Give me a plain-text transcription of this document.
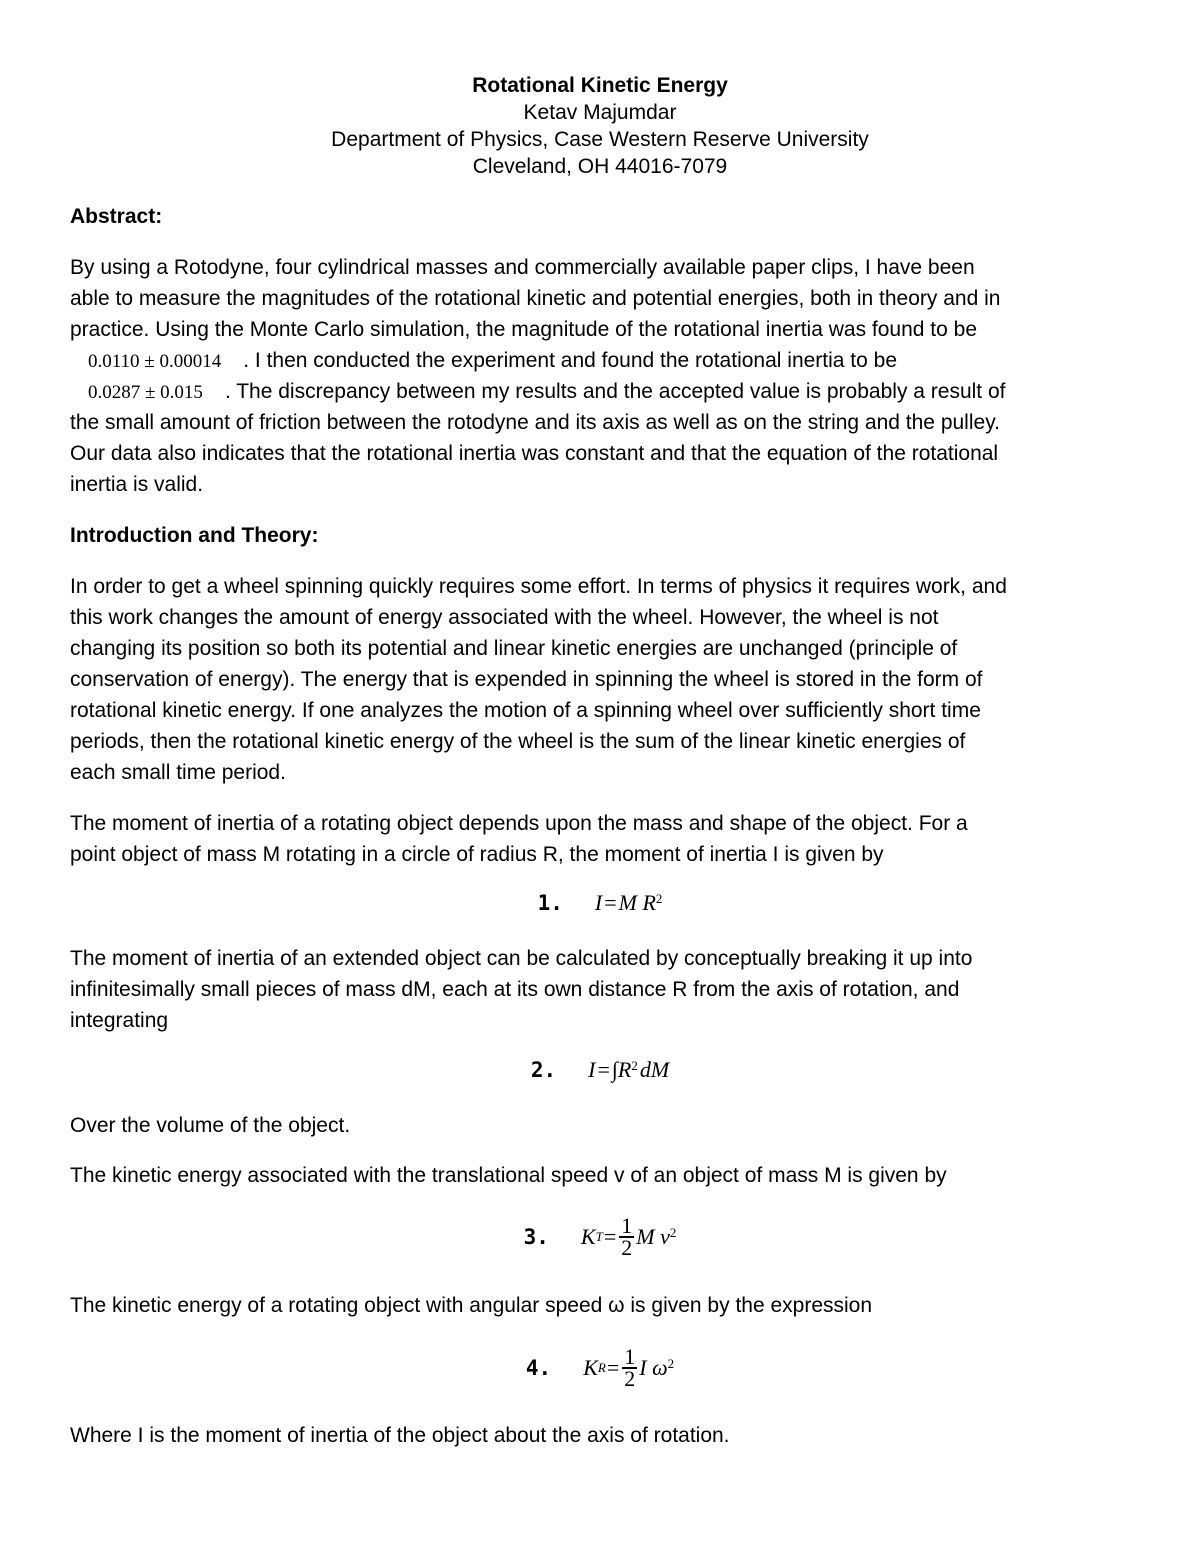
Rotational Kinetic Energy
Ketav Majumdar
Department of Physics, Case Western Reserve University
Cleveland, OH 44016-7079
Abstract:
By using a Rotodyne, four cylindrical masses and commercially available paper clips, I have been
able to measure the magnitudes of the rotational kinetic and potential energies, both in theory and in
practice. Using the Monte Carlo simulation, the magnitude of the rotational inertia was found to be
0.0110 ± 0.00014 . I then conducted the experiment and found the rotational inertia to be
0.0287 ± 0.015 . The discrepancy between my results and the accepted value is probably a result of
the small amount of friction between the rotodyne and its axis as well as on the string and the pulley.
Our data also indicates that the rotational inertia was constant and that the equation of the rotational
inertia is valid.
Introduction and Theory:
In order to get a wheel spinning quickly requires some effort. In terms of physics it requires work, and
this work changes the amount of energy associated with the wheel. However, the wheel is not
changing its position so both its potential and linear kinetic energies are unchanged (principle of
conservation of energy). The energy that is expended in spinning the wheel is stored in the form of
rotational kinetic energy. If one analyzes the motion of a spinning wheel over sufficiently short time
periods, then the rotational kinetic energy of the wheel is the sum of the linear kinetic energies of
each small time period.
The moment of inertia of a rotating object depends upon the mass and shape of the object. For a
point object of mass M rotating in a circle of radius R, the moment of inertia I is given by
1. I = M $R^2$
The moment of inertia of an extended object can be calculated by conceptually breaking it up into
infinitesimally small pieces of mass dM, each at its own distance R from the axis of rotation, and
integrating
2. I = ∫ $R^2$ dM
Over the volume of the object.
The kinetic energy associated with the translational speed v of an object of mass M is given by
3. K $T = \frac{1}{2}$ M $v^2$
The kinetic energy of a rotating object with angular speed ω is given by the expression
4. K $R = \frac{1}{2}$ I $\omega^2$
Where I is the moment of inertia of the object about the axis of rotation.
